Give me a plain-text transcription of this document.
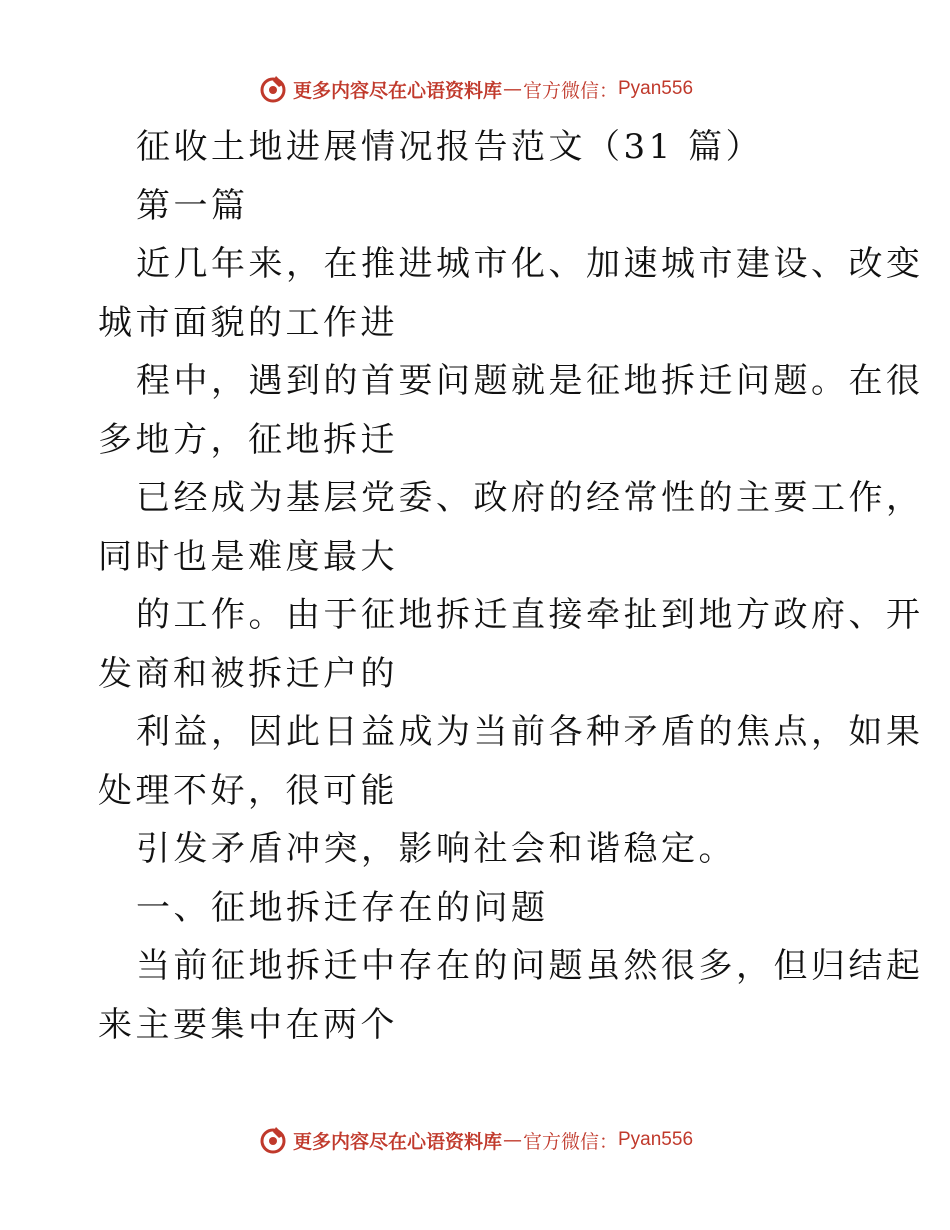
更多内容尽在心语资料库 — 官方微信： Pyan556
征收土地进展情况报告范文（31 篇）
第一篇
近几年来，在推进城市化、加速城市建设、改变
城市面貌的工作进
程中，遇到的首要问题就是征地拆迁问题。在很
多地方，征地拆迁
已经成为基层党委、政府的经常性的主要工作，
同时也是难度最大
的工作。由于征地拆迁直接牵扯到地方政府、开
发商和被拆迁户的
利益，因此日益成为当前各种矛盾的焦点，如果
处理不好，很可能
引发矛盾冲突，影响社会和谐稳定。
一、征地拆迁存在的问题
当前征地拆迁中存在的问题虽然很多，但归结起
来主要集中在两个
更多内容尽在心语资料库 — 官方微信： Pyan556
